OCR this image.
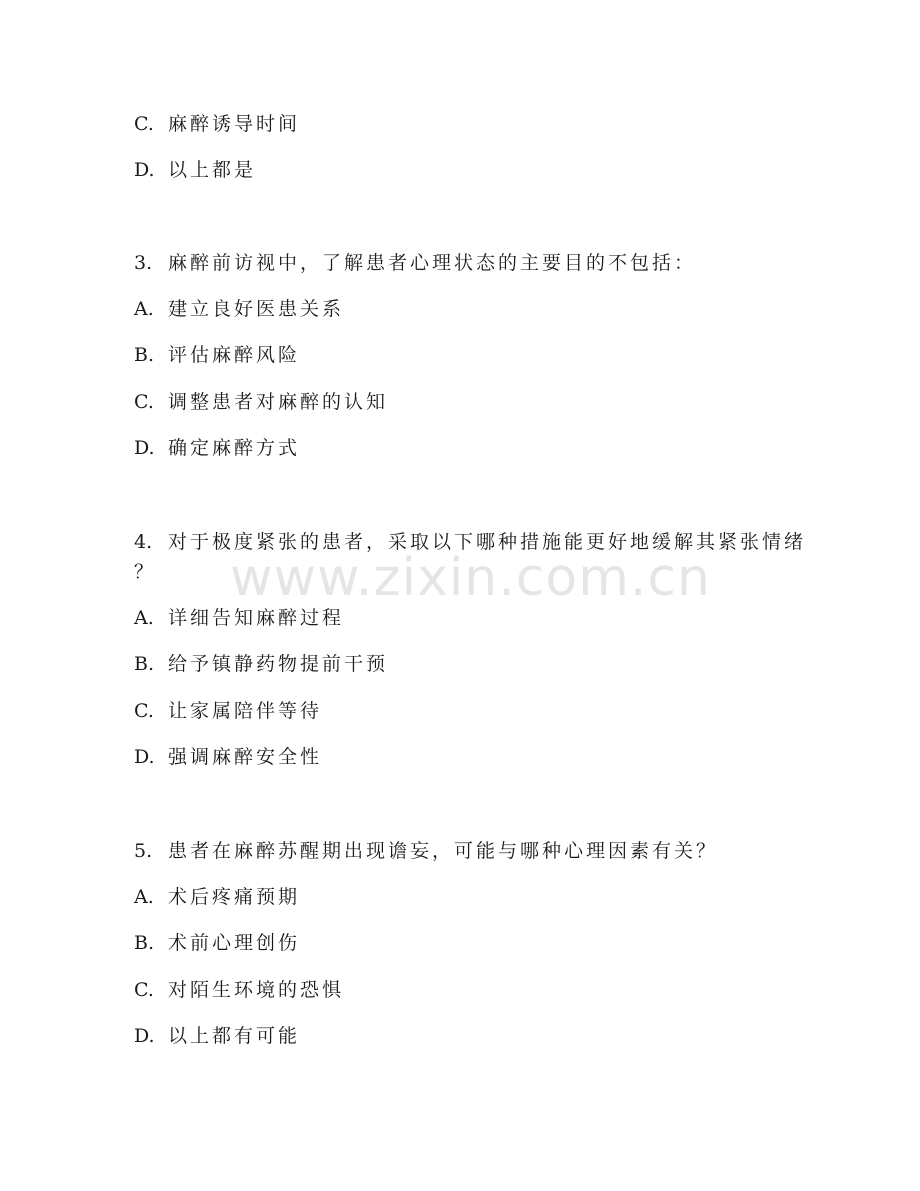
C. 麻醉诱导时间
D. 以上都是
3. 麻醉前访视中，了解患者心理状态的主要目的不包括：
A. 建立良好医患关系
B. 评估麻醉风险
C. 调整患者对麻醉的认知
D. 确定麻醉方式
4. 对于极度紧张的患者，采取以下哪种措施能更好地缓解其紧张情绪
？
A. 详细告知麻醉过程
B. 给予镇静药物提前干预
C. 让家属陪伴等待
D. 强调麻醉安全性
5. 患者在麻醉苏醒期出现谵妄，可能与哪种心理因素有关？
A. 术后疼痛预期
B. 术前心理创伤
C. 对陌生环境的恐惧
D. 以上都有可能
www.zixin.com.cn
